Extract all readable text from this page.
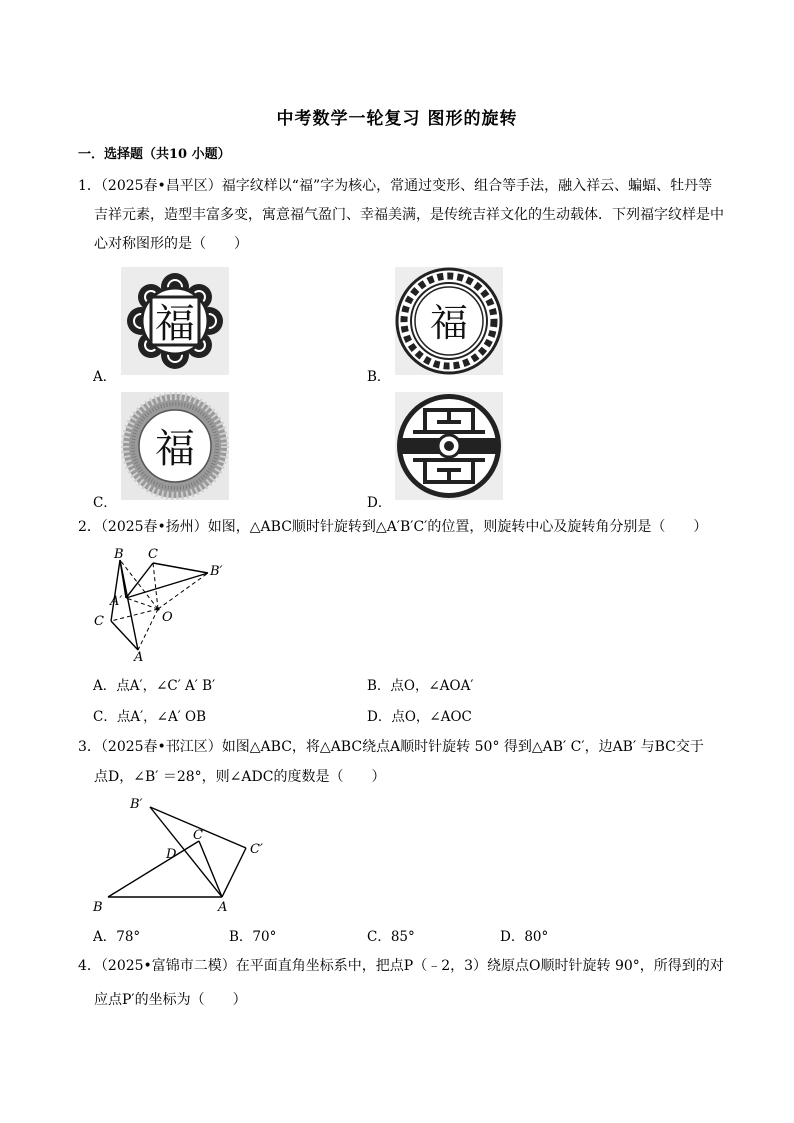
中考数学一轮复习 图形的旋转
一．选择题（共10 小题）
1．（2025春•昌平区）福字纹样以“福”字为核心，常通过变形、组合等手法，融入祥云、蝙蝠、牡丹等
吉祥元素，造型丰富多变，寓意福气盈门、幸福美满，是传统吉祥文化的生动载体．下列福字纹样是中
心对称图形的是（　　）
福
A．
福
B．
福
C．	D．
2．（2025春•扬州）如图，△ABC顺时针旋转到△A′B′C′的位置，则旋转中心及旋转角分别是（　　）
B C
B′
A′
O
C
A
A．点A′，∠C′ A′ B′	B．点O，∠AOA′
C．点A′，∠A′ OB	D．点O，∠AOC
3．（2025春•邗江区）如图△ABC，将△ABC绕点A顺时针旋转 50° 得到△AB′ C′，边AB′ 与BC交于
点D，∠B′ ＝28°，则∠ADC的度数是（　　）
B′
C
D	C′
B	A
A．78°	B．70°	C．85°	D．80°
4．（2025•富锦市二模）在平面直角坐标系中，把点P（﹣2，3）绕原点O顺时针旋转 90°，所得到的对
应点P′的坐标为（　　）
